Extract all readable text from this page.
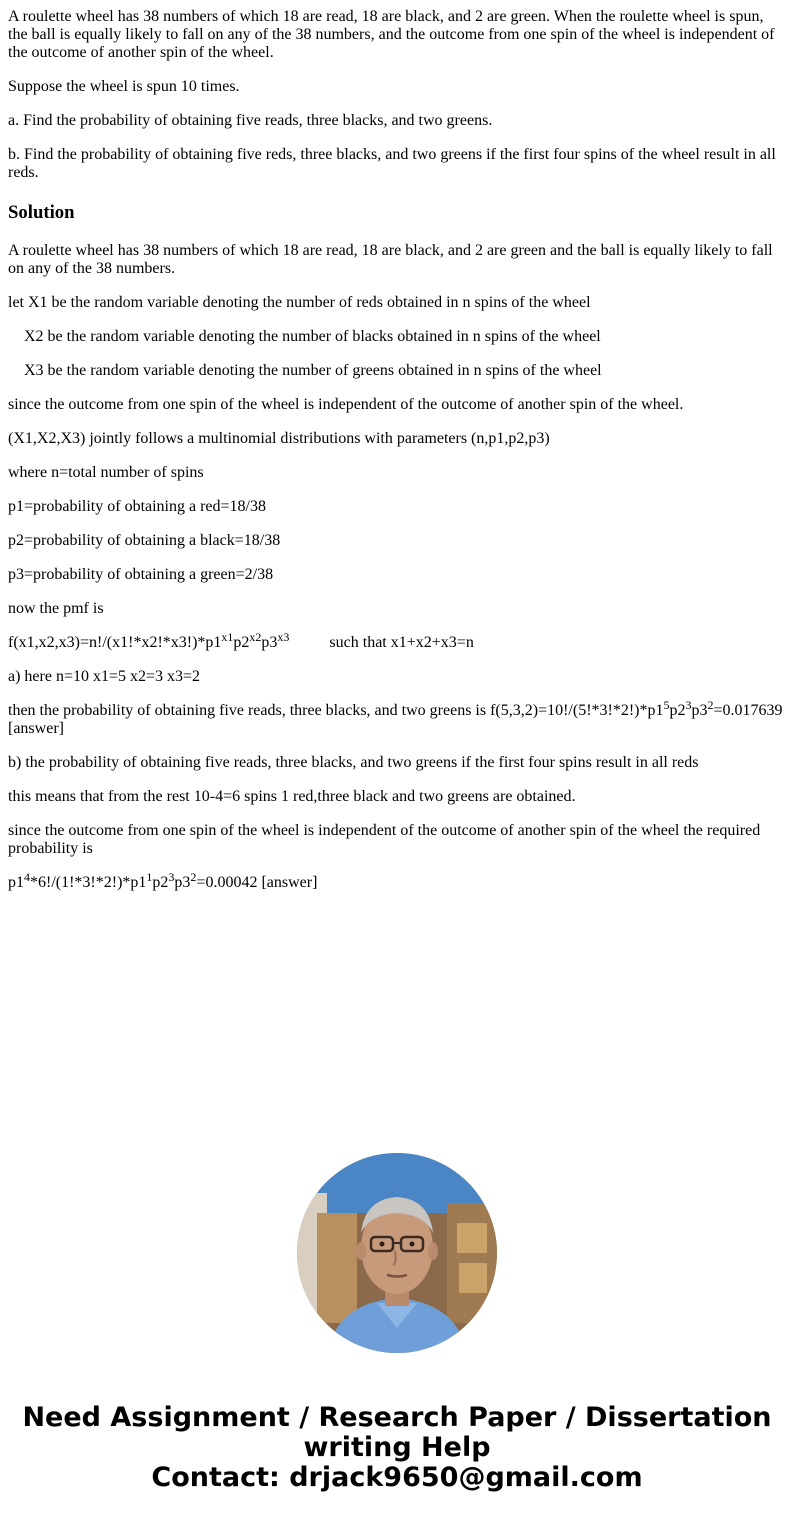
A roulette wheel has 38 numbers of which 18 are read, 18 are black, and 2 are green. When the roulette wheel is spun, the ball is equally likely to fall on any of the 38 numbers, and the outcome from one spin of the wheel is independent of the outcome of another spin of the wheel.

Suppose the wheel is spun 10 times.

a. Find the probability of obtaining five reads, three blacks, and two greens.

b. Find the probability of obtaining five reds, three blacks, and two greens if the first four spins of the wheel result in all reds.

Solution

A roulette wheel has 38 numbers of which 18 are read, 18 are black, and 2 are green and the ball is equally likely to fall on any of the 38 numbers.

let X1 be the random variable denoting the number of reds obtained in n spins of the wheel

X2 be the random variable denoting the number of blacks obtained in n spins of the wheel

X3 be the random variable denoting the number of greens obtained in n spins of the wheel

since the outcome from one spin of the wheel is independent of the outcome of another spin of the wheel.

(X1,X2,X3) jointly follows a multinomial distributions with parameters (n,p1,p2,p3)

where n=total number of spins

p1=probability of obtaining a red=18/38

p2=probability of obtaining a black=18/38

p3=probability of obtaining a green=2/38

now the pmf is

$f(x1,x2,x3)=n!/(x1!*x2!*x3!)*p1^{x1}p2^{x2}p3^{x3}$	such that x1+x2+x3=n

a) here n=10 x1=5 x2=3 x3=2

then the probability of obtaining five reads, three blacks, and two greens is $f(5,3,2)=10!/(5!*3!*2!)*p1^5p2^3p3^2=0.017639$ [answer]

b) the probability of obtaining five reads, three blacks, and two greens if the first four spins result in all reds

this means that from the rest 10-4=6 spins 1 red,three black and two greens are obtained.

since the outcome from one spin of the wheel is independent of the outcome of another spin of the wheel the required probability is

$p1^4*6!/(1!*3!*2!)*p1^1p2^3p3^2=0.00042$ [answer]

Need Assignment / Research Paper / Dissertation
writing Help
Contact: drjack9650@gmail.com
